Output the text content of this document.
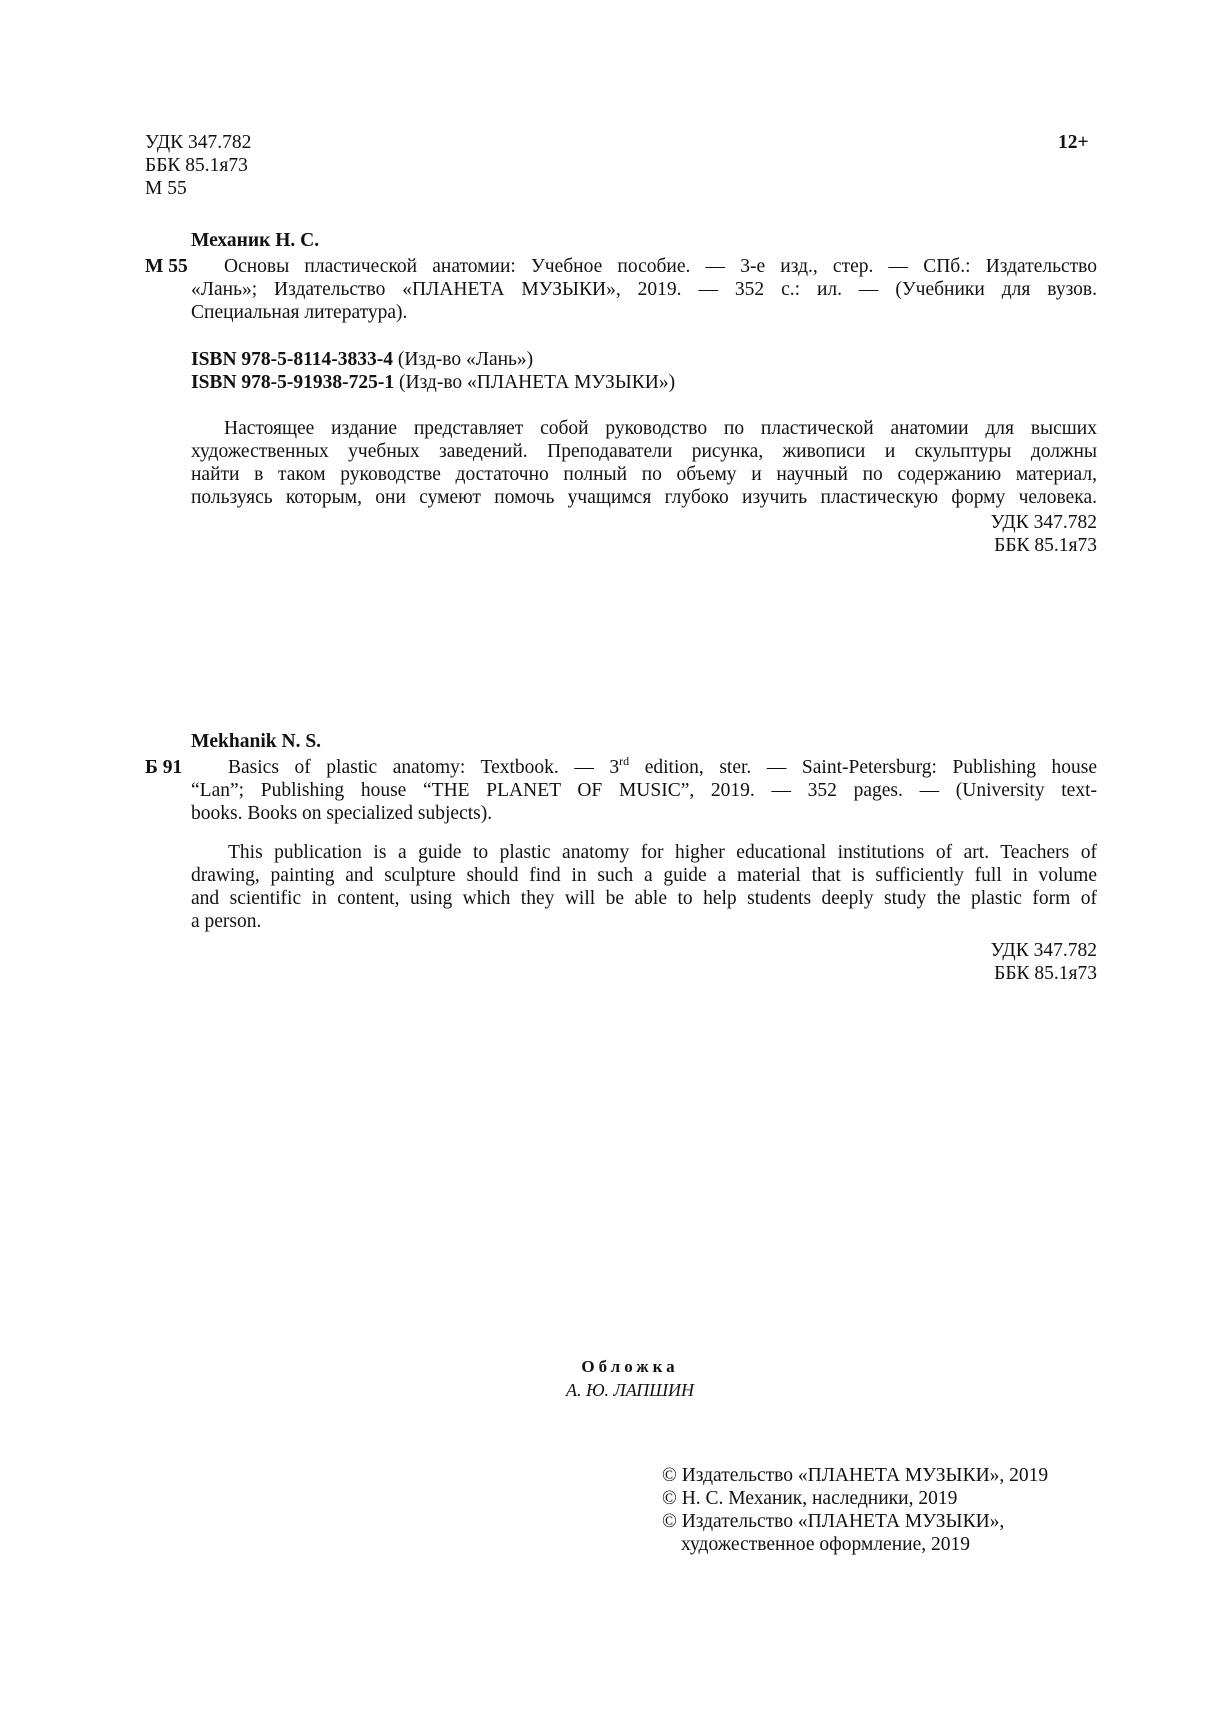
УДК 347.782
ББК 85.1я73
М 55
12+
Механик Н. С.
М 55 Основы пластической анатомии: Учебное пособие. — 3-е изд., стер. — СПб.: Издательство
«Лань»; Издательство «ПЛАНЕТА МУЗЫКИ», 2019. — 352 с.: ил. — (Учебники для вузов.
Специальная литература).
ISBN 978-5-8114-3833-4 (Изд-во «Лань»)
ISBN 978-5-91938-725-1 (Изд-во «ПЛАНЕТА МУЗЫКИ»)
Настоящее издание представляет собой руководство по пластической анатомии для высших
художественных учебных заведений. Преподаватели рисунка, живописи и скульптуры должны
найти в таком руководстве достаточно полный по объему и научный по содержанию материал,
пользуясь которым, они сумеют помочь учащимся глубоко изучить пластическую форму человека.
УДК 347.782
ББК 85.1я73
Mekhanik N. S.
Б 91 Basics of plastic anatomy: Textbook. — 3rd edition, ster. — Saint-Petersburg: Publishing house
“Lan”; Publishing house “THE PLANET OF MUSIC”, 2019. — 352 pages. — (University text-
books. Books on specialized subjects).
This publication is a guide to plastic anatomy for higher educational institutions of art. Teachers of
drawing, painting and sculpture should find in such a guide a material that is sufficiently full in volume
and scientific in content, using which they will be able to help students deeply study the plastic form of
a person.
УДК 347.782
ББК 85.1я73
Обложка
А. Ю. ЛАПШИН
© Издательство «ПЛАНЕТА МУЗЫКИ», 2019
© Н. С. Механик, наследники, 2019
© Издательство «ПЛАНЕТА МУЗЫКИ»,
художественное оформление, 2019
